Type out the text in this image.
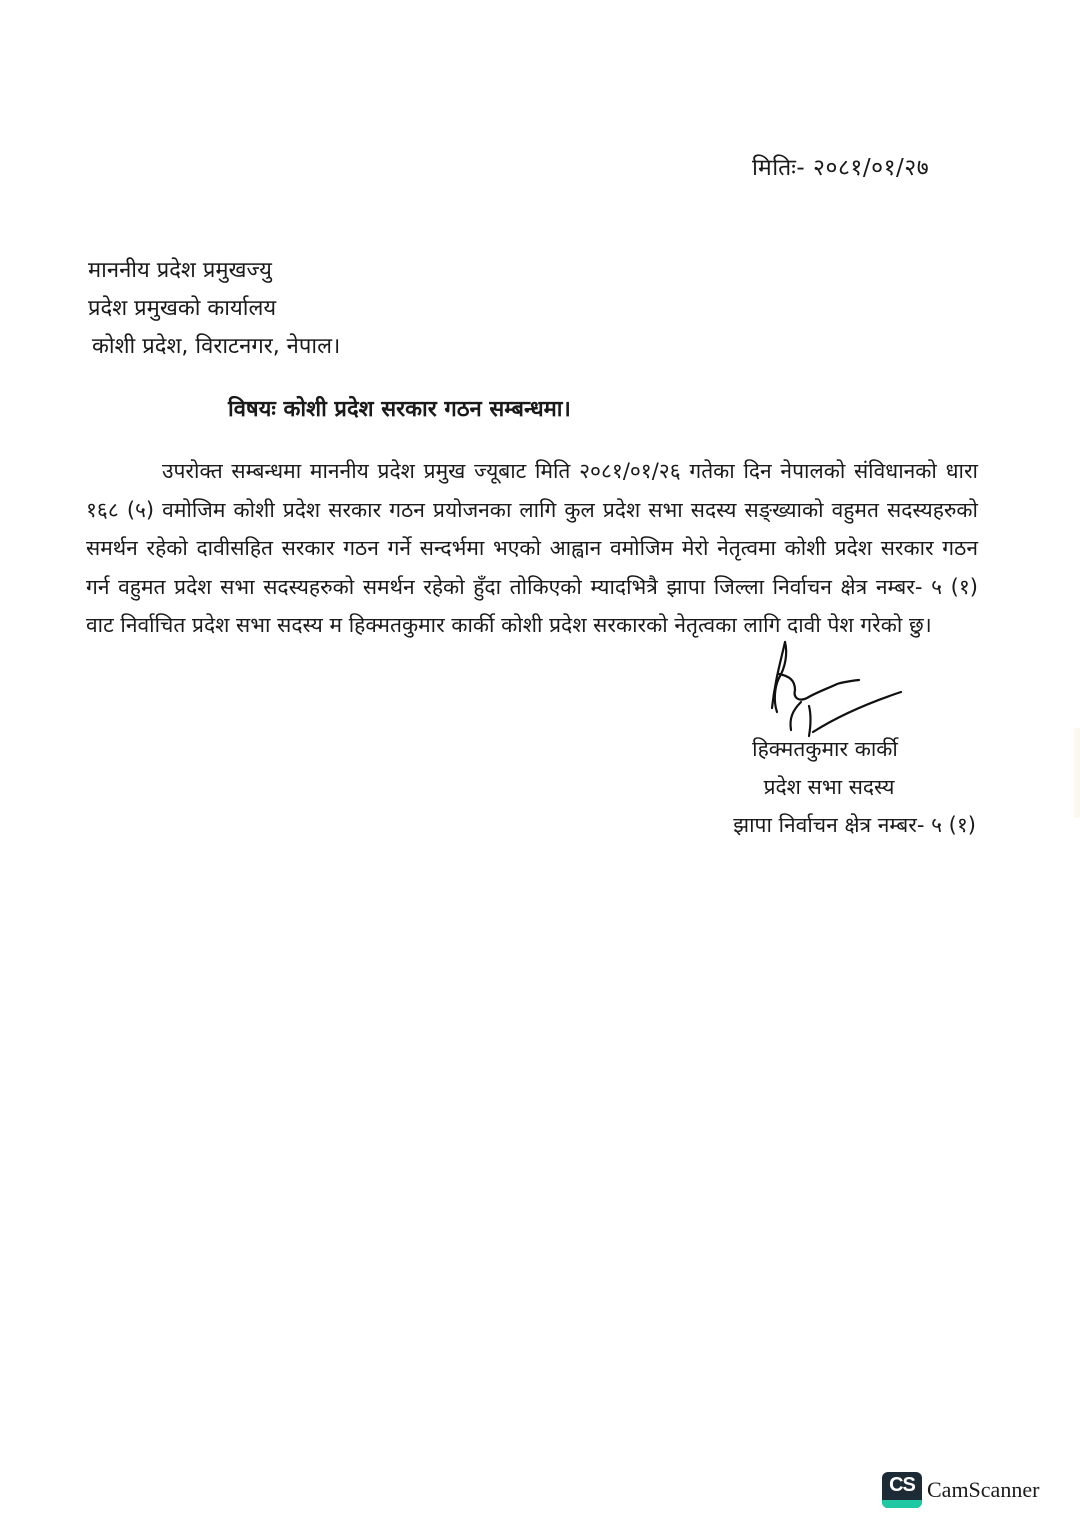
मितिः- २०८१/०१/२७
माननीय प्रदेश प्रमुखज्यु
प्रदेश प्रमुखको कार्यालय
कोशी प्रदेश, विराटनगर, नेपाल।
विषयः कोशी प्रदेश सरकार गठन सम्बन्धमा।

उपरोक्त सम्बन्धमा माननीय प्रदेश प्रमुख ज्यूबाट मिति २०८१/०१/२६ गतेका दिन नेपालको संविधानको धारा १६८ (५) वमोजिम कोशी प्रदेश सरकार गठन प्रयोजनका लागि कुल प्रदेश सभा सदस्य सङ्ख्याको वहुमत सदस्यहरुको समर्थन रहेको दावीसहित सरकार गठन गर्ने सन्दर्भमा भएको आह्वान वमोजिम मेरो नेतृत्वमा कोशी प्रदेश सरकार गठन गर्न वहुमत प्रदेश सभा सदस्यहरुको समर्थन रहेको हुँदा तोकिएको म्यादभित्रै झापा जिल्ला निर्वाचन क्षेत्र नम्बर- ५ (१) वाट निर्वाचित प्रदेश सभा सदस्य म हिक्मतकुमार कार्की कोशी प्रदेश सरकारको नेतृत्वका लागि दावी पेश गरेको छु।

हिक्मतकुमार कार्की
प्रदेश सभा सदस्य
झापा निर्वाचन क्षेत्र नम्बर- ५ (१)
CS CamScanner
